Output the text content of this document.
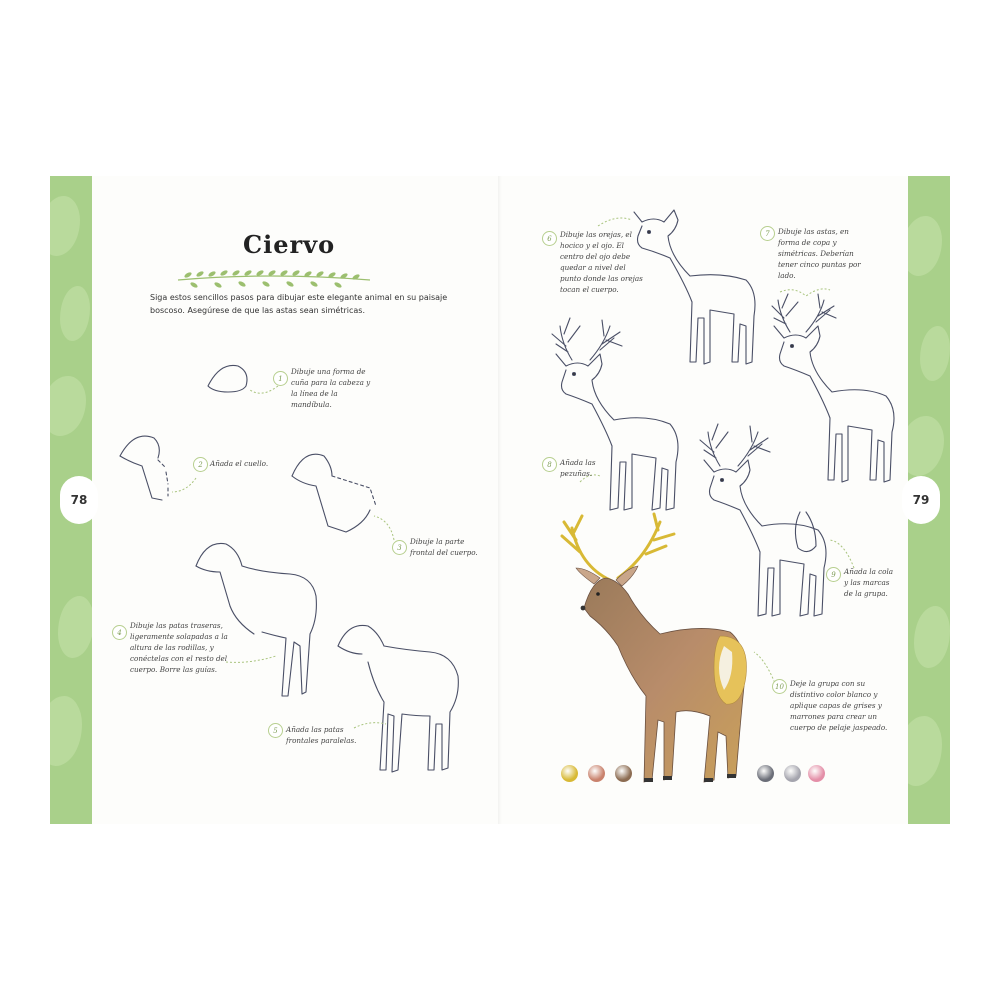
78	79
Ciervo
Siga estos sencillos pasos para dibujar este elegante animal en su paisaje boscoso. Asegúrese de que las astas sean simétricas.
1
Dibuje una forma de cuña para la cabeza y la línea de la mandíbula.
2	Añada el cuello.
3
Dibuje la parte frontal del cuerpo.
4
Dibuje las patas traseras, ligeramente solapadas a la altura de las rodillas, y conéctelas con el resto del cuerpo. Borre las guías.
5	Añada las patas frontales paralelas.
6	Dibuje las orejas, el hocico y el ojo. El centro del ojo debe quedar a nivel del punto donde las orejas tocan el cuerpo.
7	Dibuje las astas, en forma de copa y simétricas. Deberían tener cinco puntas por lado.
8	Añada las pezuñas.
9	Añada la cola y las marcas de la grupa.
10 Deje la grupa con su distintivo color blanco y aplique capas de grises y marrones para crear un cuerpo de pelaje jaspeado.
